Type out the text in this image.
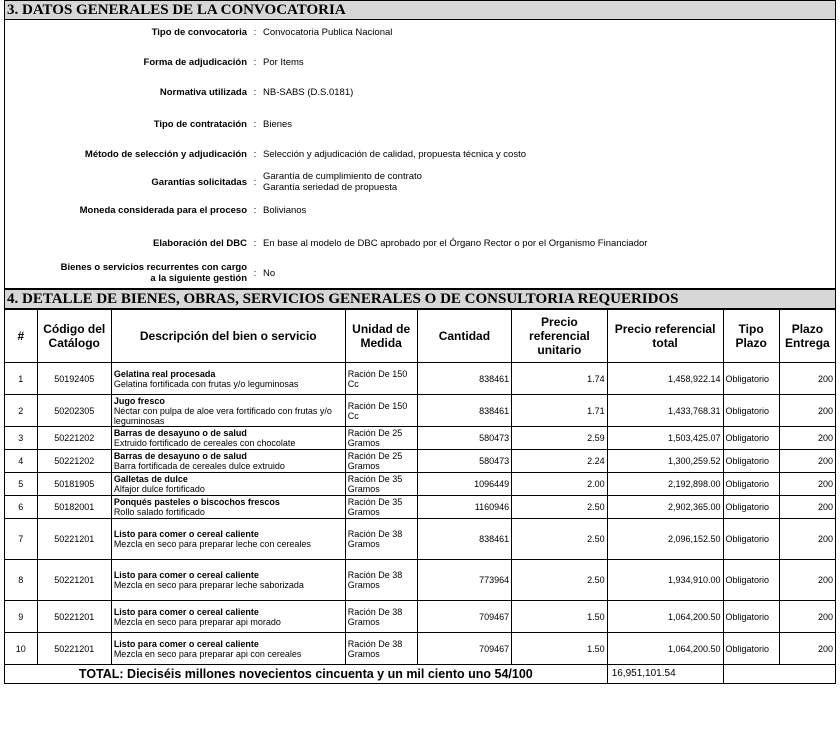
3. DATOS GENERALES DE LA CONVOCATORIA
Tipo de convocatoria : Convocatoria Publica Nacional
Forma de adjudicación : Por Items
Normativa utilizada : NB-SABS (D.S.0181)
Tipo de contratación : Bienes
Método de selección y adjudicación : Selección y adjudicación de calidad, propuesta técnica y costo
Garantías solicitadas : Garantía de cumplimiento de contrato
Garantía seriedad de propuesta
Moneda considerada para el proceso : Bolivianos
Elaboración del DBC : En base al modelo de DBC aprobado por el Órgano Rector o por el Organismo Financiador
Bienes o servicios recurrentes con cargo
a la siguiente gestión : No
4. DETALLE DE BIENES, OBRAS, SERVICIOS GENERALES O DE CONSULTORIA REQUERIDOS
#	Código del Catálogo	Descripción del bien o servicio	Unidad de Medida	Cantidad	Precio referencial unitario	Precio referencial total	Tipo Plazo	Plazo Entrega
1	50192405	Gelatina real procesada
Gelatina fortificada con frutas y/o leguminosas	Ración De 150 Cc	838461	1.74	1,458,922.14	Obligatorio	200
2	50202305	Jugo fresco
Néctar con pulpa de aloe vera fortificado con frutas y/o leguminosas	Ración De 150 Cc	838461	1.71	1,433,768.31	Obligatorio	200
3	50221202	Barras de desayuno o de salud
Extruido fortificado de cereales con chocolate	Ración De 25 Gramos	580473	2.59	1,503,425.07	Obligatorio	200
4	50221202	Barras de desayuno o de salud
Barra fortificada de cereales dulce extruido	Ración De 25 Gramos	580473	2.24	1,300,259.52	Obligatorio	200
5	50181905	Galletas de dulce
Alfajor dulce fortificado	Ración De 35 Gramos	1096449	2.00	2,192,898.00	Obligatorio	200
6	50182001	Ponqués pasteles o biscochos frescos
Rollo salado fortificado	Ración De 35 Gramos	1160946	2.50	2,902,365.00	Obligatorio	200
7	50221201	Listo para comer o cereal caliente
Mezcla en seco para preparar leche con cereales	Ración De 38 Gramos	838461	2.50	2,096,152.50	Obligatorio	200
8	50221201	Listo para comer o cereal caliente
Mezcla en seco para preparar leche saborizada	Ración De 38 Gramos	773964	2.50	1,934,910.00	Obligatorio	200
9	50221201	Listo para comer o cereal caliente
Mezcla en seco para preparar api morado	Ración De 38 Gramos	709467	1.50	1,064,200.50	Obligatorio	200
10	50221201	Listo para comer o cereal caliente
Mezcla en seco para preparar api con cereales	Ración De 38 Gramos	709467	1.50	1,064,200.50	Obligatorio	200
TOTAL: Dieciséis millones novecientos cincuenta y un mil ciento uno 54/100						16,951,101.54		
